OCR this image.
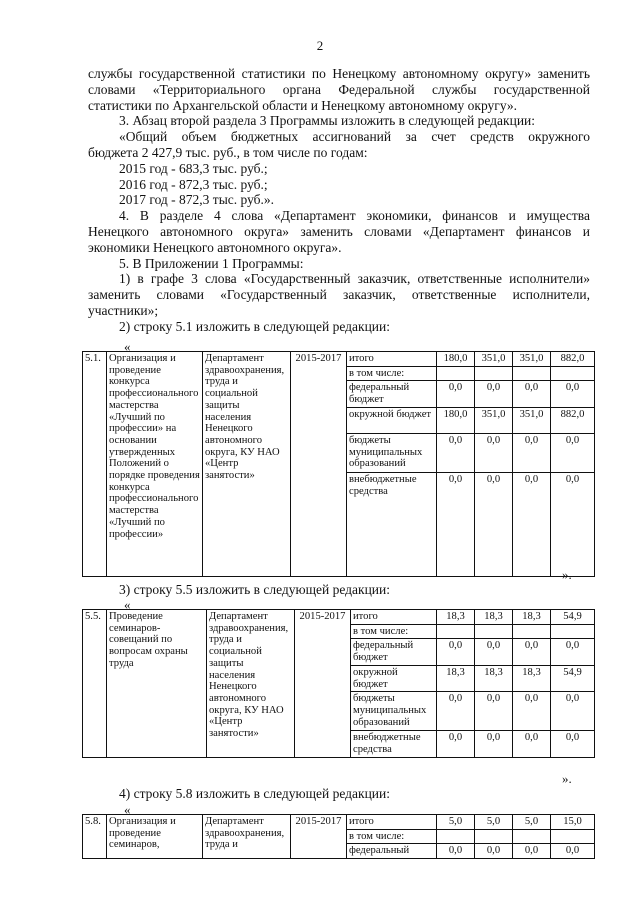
2
службы государственной статистики по Ненецкому автономному округу» заменить
словами «Территориального органа Федеральной службы государственной
статистики по Архангельской области и Ненецкому автономному округу».
3. Абзац второй раздела 3 Программы изложить в следующей редакции:
«Общий объем бюджетных ассигнований за счет средств окружного
бюджета 2 427,9 тыс. руб., в том числе по годам:
2015 год - 683,3 тыс. руб.;
2016 год - 872,3 тыс. руб.;
2017 год - 872,3 тыс. руб.».
4. В разделе 4 слова «Департамент экономики, финансов и имущества
Ненецкого автономного округа» заменить словами «Департамент финансов и
экономики Ненецкого автономного округа».
5. В Приложении 1 Программы:
1) в графе 3 слова «Государственный заказчик, ответственные исполнители»
заменить словами «Государственный заказчик, ответственные исполнители,
участники»;
2) строку 5.1 изложить в следующей редакции:
«
5.1.	Организация и проведение конкурса профессионального мастерства «Лучший по профессии» на основании утвержденных Положений о порядке проведения конкурса профессионального мастерства «Лучший по профессии»	Департамент здравоохранения, труда и социальной защиты населения Ненецкого автономного округа, КУ НАО «Центр занятости»	2015-2017	итого	180,0	351,0	351,0	882,0
				в том числе:				
				федеральный бюджет	0,0	0,0	0,0	0,0
				окружной бюджет	180,0	351,0	351,0	882,0
				бюджеты муниципальных образований	0,0	0,0	0,0	0,0
				внебюджетные средства	0,0	0,0	0,0	0,0
».
3) строку 5.5 изложить в следующей редакции:
«
5.5.	Проведение семинаров-совещаний по вопросам охраны труда	Департамент здравоохранения, труда и социальной защиты населения Ненецкого автономного округа, КУ НАО «Центр занятости»	2015-2017	итого	18,3	18,3	18,3	54,9
				в том числе:				
				федеральный бюджет	0,0	0,0	0,0	0,0
				окружной бюджет	18,3	18,3	18,3	54,9
				бюджеты муниципальных образований	0,0	0,0	0,0	0,0
				внебюджетные средства	0,0	0,0	0,0	0,0
».
4) строку 5.8 изложить в следующей редакции:
«
5.8.	Организация и проведение семинаров,	Департамент здравоохранения, труда и	2015-2017	итого	5,0	5,0	5,0	15,0
				в том числе:				
				федеральный	0,0	0,0	0,0	0,0
